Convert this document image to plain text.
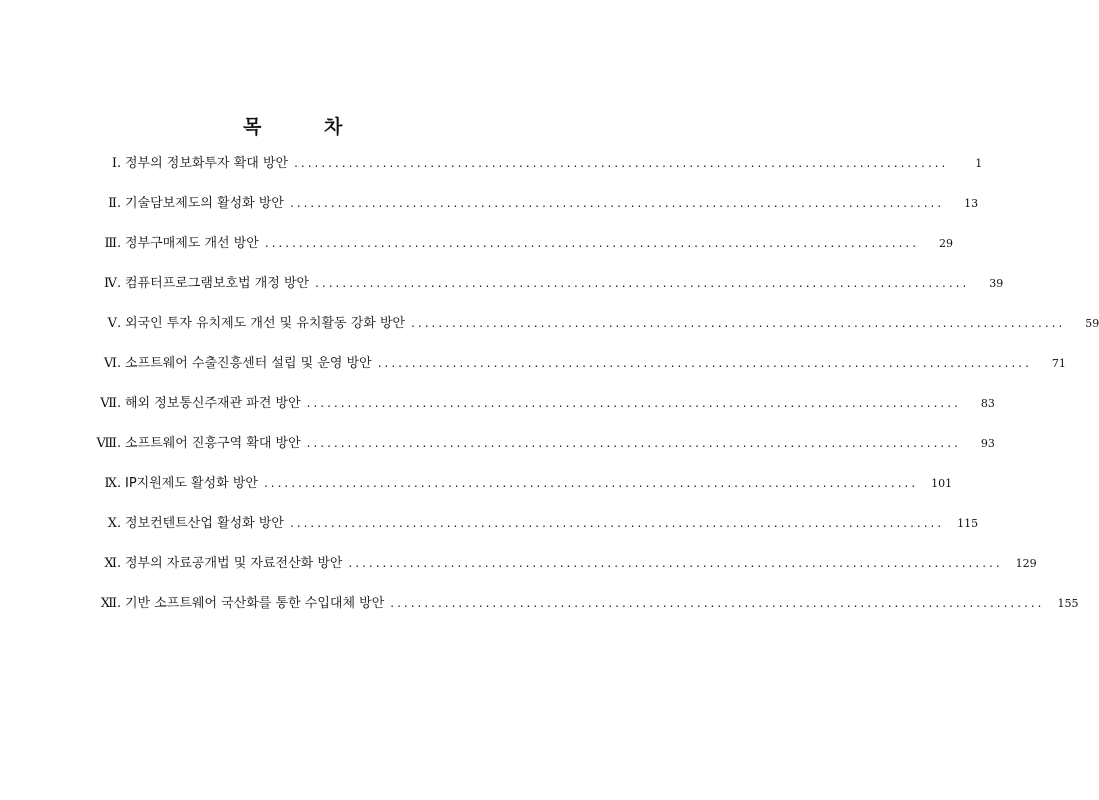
목 차
Ⅰ . 정부의 정보화투자 확대 방안 ................................................................................................	1
Ⅱ . 기술담보제도의 활성화 방안 ................................................................................................	13
Ⅲ . 정부구매제도 개선 방안 ................................................................................................	29
Ⅳ . 컴퓨터프로그램보호법 개정 방안 ................................................................................................	39
Ⅴ . 외국인 투자 유치제도 개선 및 유치활동 강화 방안 ................................................................................................	59
Ⅵ . 소프트웨어 수출진흥센터 설립 및 운영 방안 ................................................................................................	71
Ⅶ . 해외 정보통신주재관 파견 방안 ................................................................................................	83
Ⅷ . 소프트웨어 진흥구역 확대 방안 ................................................................................................	93
Ⅸ . IP지원제도 활성화 방안 ................................................................................................	101
Ⅹ . 정보컨텐트산업 활성화 방안 ................................................................................................	115
Ⅺ . 정부의 자료공개법 및 자료전산화 방안 ................................................................................................	129
Ⅻ . 기반 소프트웨어 국산화를 통한 수입대체 방안 ................................................................................................	155
